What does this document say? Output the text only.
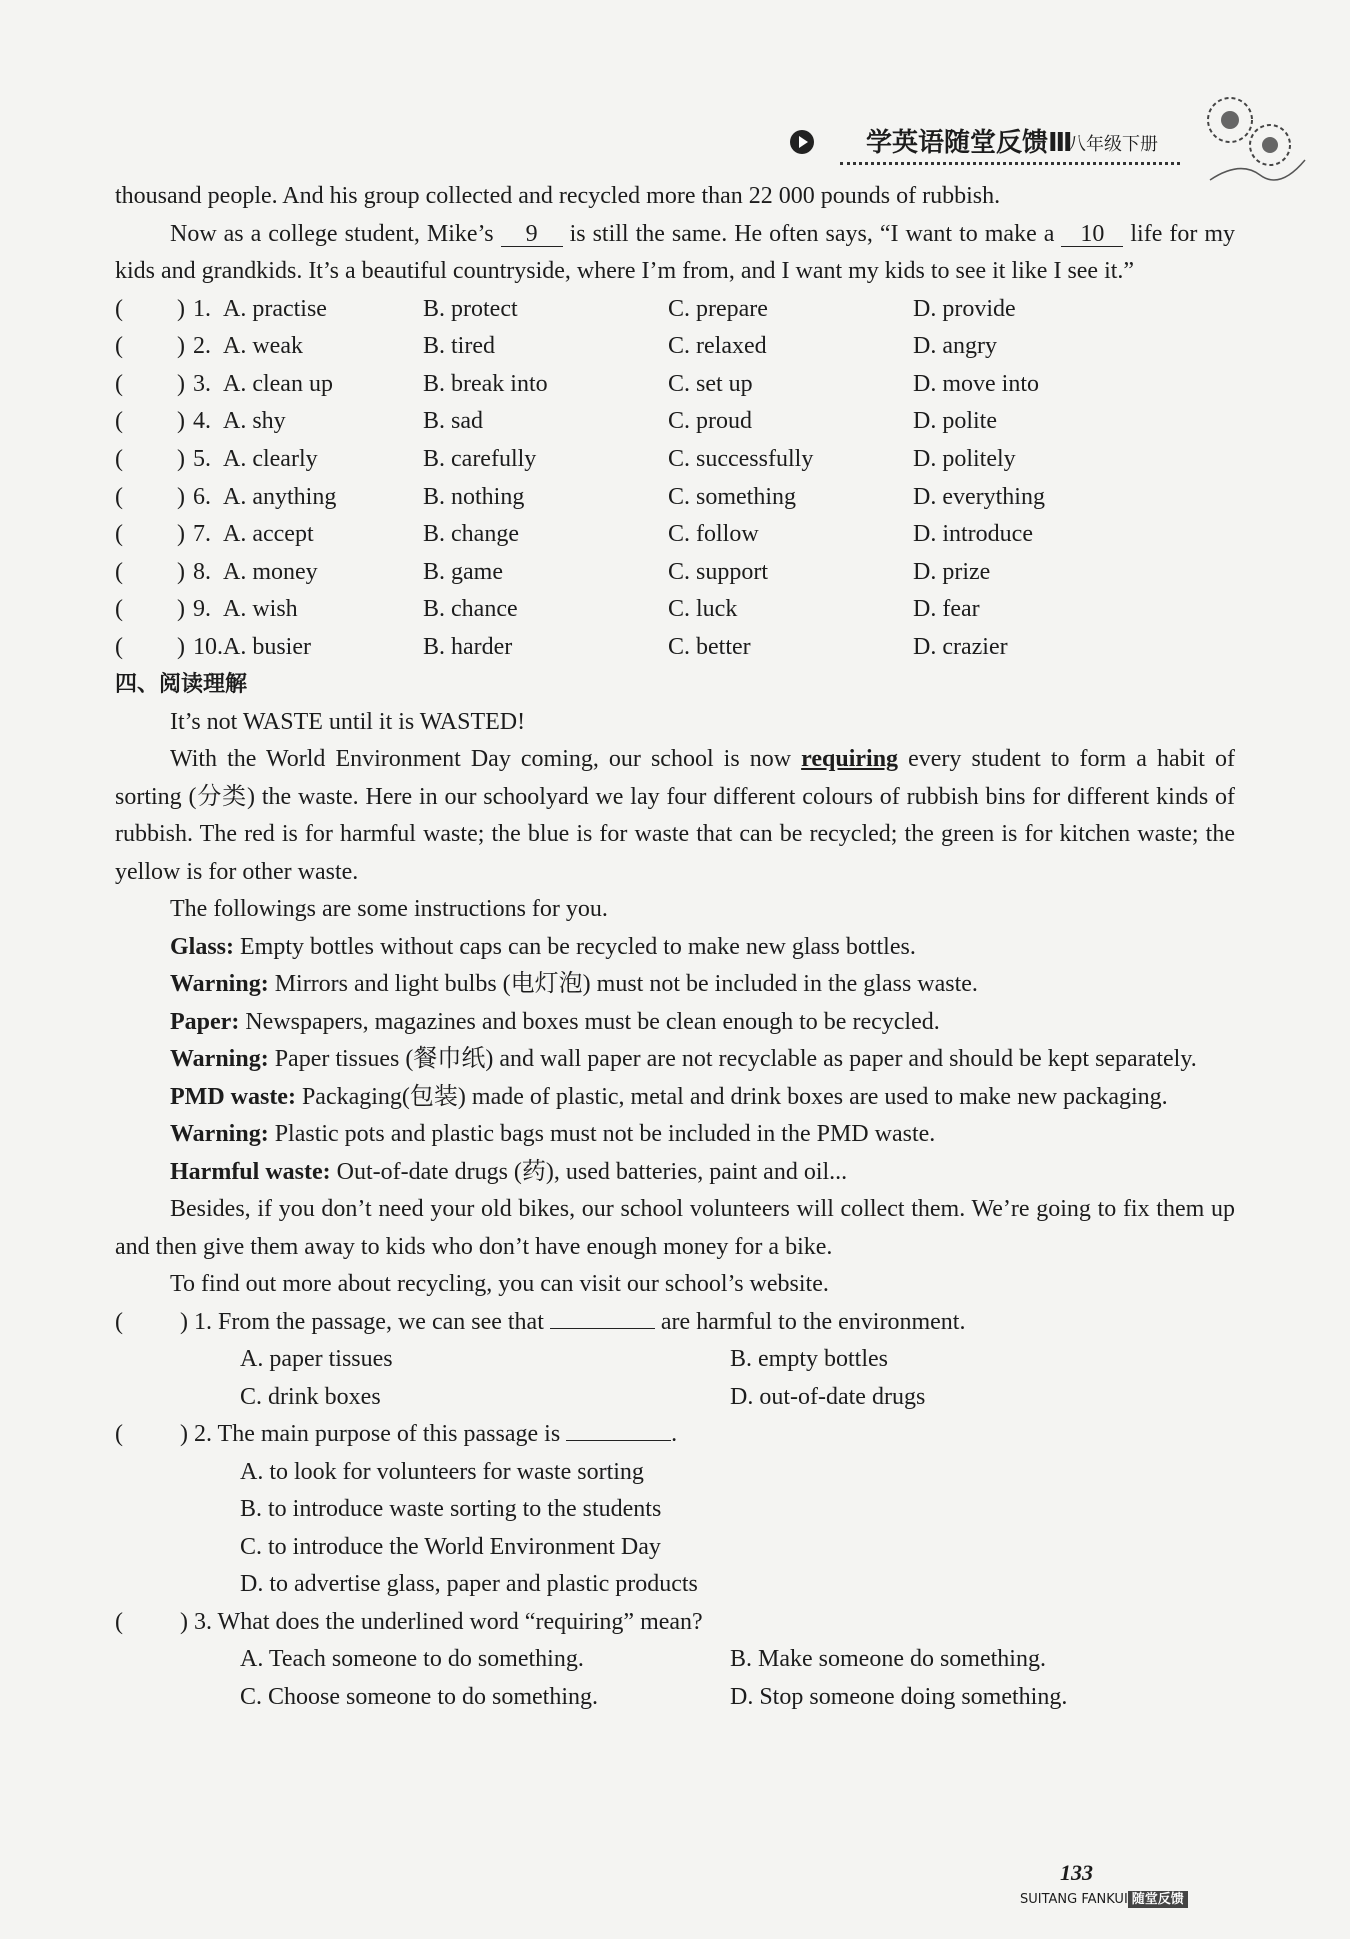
学英语随堂反馈Ⅲ
八年级下册

thousand people. And his group collected and recycled more than 22 000 pounds of rubbish.

Now as a college student, Mike’s 9 is still the same. He often says, “I want to make a 10 life for my kids and grandkids. It’s a beautiful countryside, where I’m from, and I want my kids to see it like I see it.”

( ) 1.	A. practise	B. protect	C. prepare	D. provide
( ) 2.	A. weak	B. tired	C. relaxed	D. angry
( ) 3.	A. clean up	B. break into	C. set up	D. move into
( ) 4.	A. shy	B. sad	C. proud	D. polite
( ) 5.	A. clearly	B. carefully	C. successfully	D. politely
( ) 6.	A. anything	B. nothing	C. something	D. everything
( ) 7.	A. accept	B. change	C. follow	D. introduce
( ) 8.	A. money	B. game	C. support	D. prize
( ) 9.	A. wish	B. chance	C. luck	D. fear
( ) 10.	A. busier	B. harder	C. better	D. crazier

四、阅读理解

It’s not WASTE until it is WASTED!

With the World Environment Day coming, our school is now requiring every student to form a habit of sorting (分类) the waste. Here in our schoolyard we lay four different colours of rubbish bins for different kinds of rubbish. The red is for harmful waste; the blue is for waste that can be recycled; the green is for kitchen waste; the yellow is for other waste.

The followings are some instructions for you.

Glass: Empty bottles without caps can be recycled to make new glass bottles.

Warning: Mirrors and light bulbs (电灯泡) must not be included in the glass waste.

Paper: Newspapers, magazines and boxes must be clean enough to be recycled.

Warning: Paper tissues (餐巾纸) and wall paper are not recyclable as paper and should be kept separately.

PMD waste: Packaging(包装) made of plastic, metal and drink boxes are used to make new packaging.

Warning: Plastic pots and plastic bags must not be included in the PMD waste.

Harmful waste: Out-of-date drugs (药), used batteries, paint and oil...

Besides, if you don’t need your old bikes, our school volunteers will collect them. We’re going to fix them up and then give them away to kids who don’t have enough money for a bike.

To find out more about recycling, you can visit our school’s website.

( ) 1. From the passage, we can see that	are harmful to the environment.

A. paper tissues	B. empty bottles
C. drink boxes	D. out-of-date drugs

( ) 2. The main purpose of this passage is	.

A. to look for volunteers for waste sorting
B. to introduce waste sorting to the students
C. to introduce the World Environment Day
D. to advertise glass, paper and plastic products

( ) 3. What does the underlined word “requiring” mean?

A. Teach someone to do something.	B. Make someone do something.
C. Choose someone to do something.	D. Stop someone doing something.
133
SUITANG FANKUI 随堂反馈
